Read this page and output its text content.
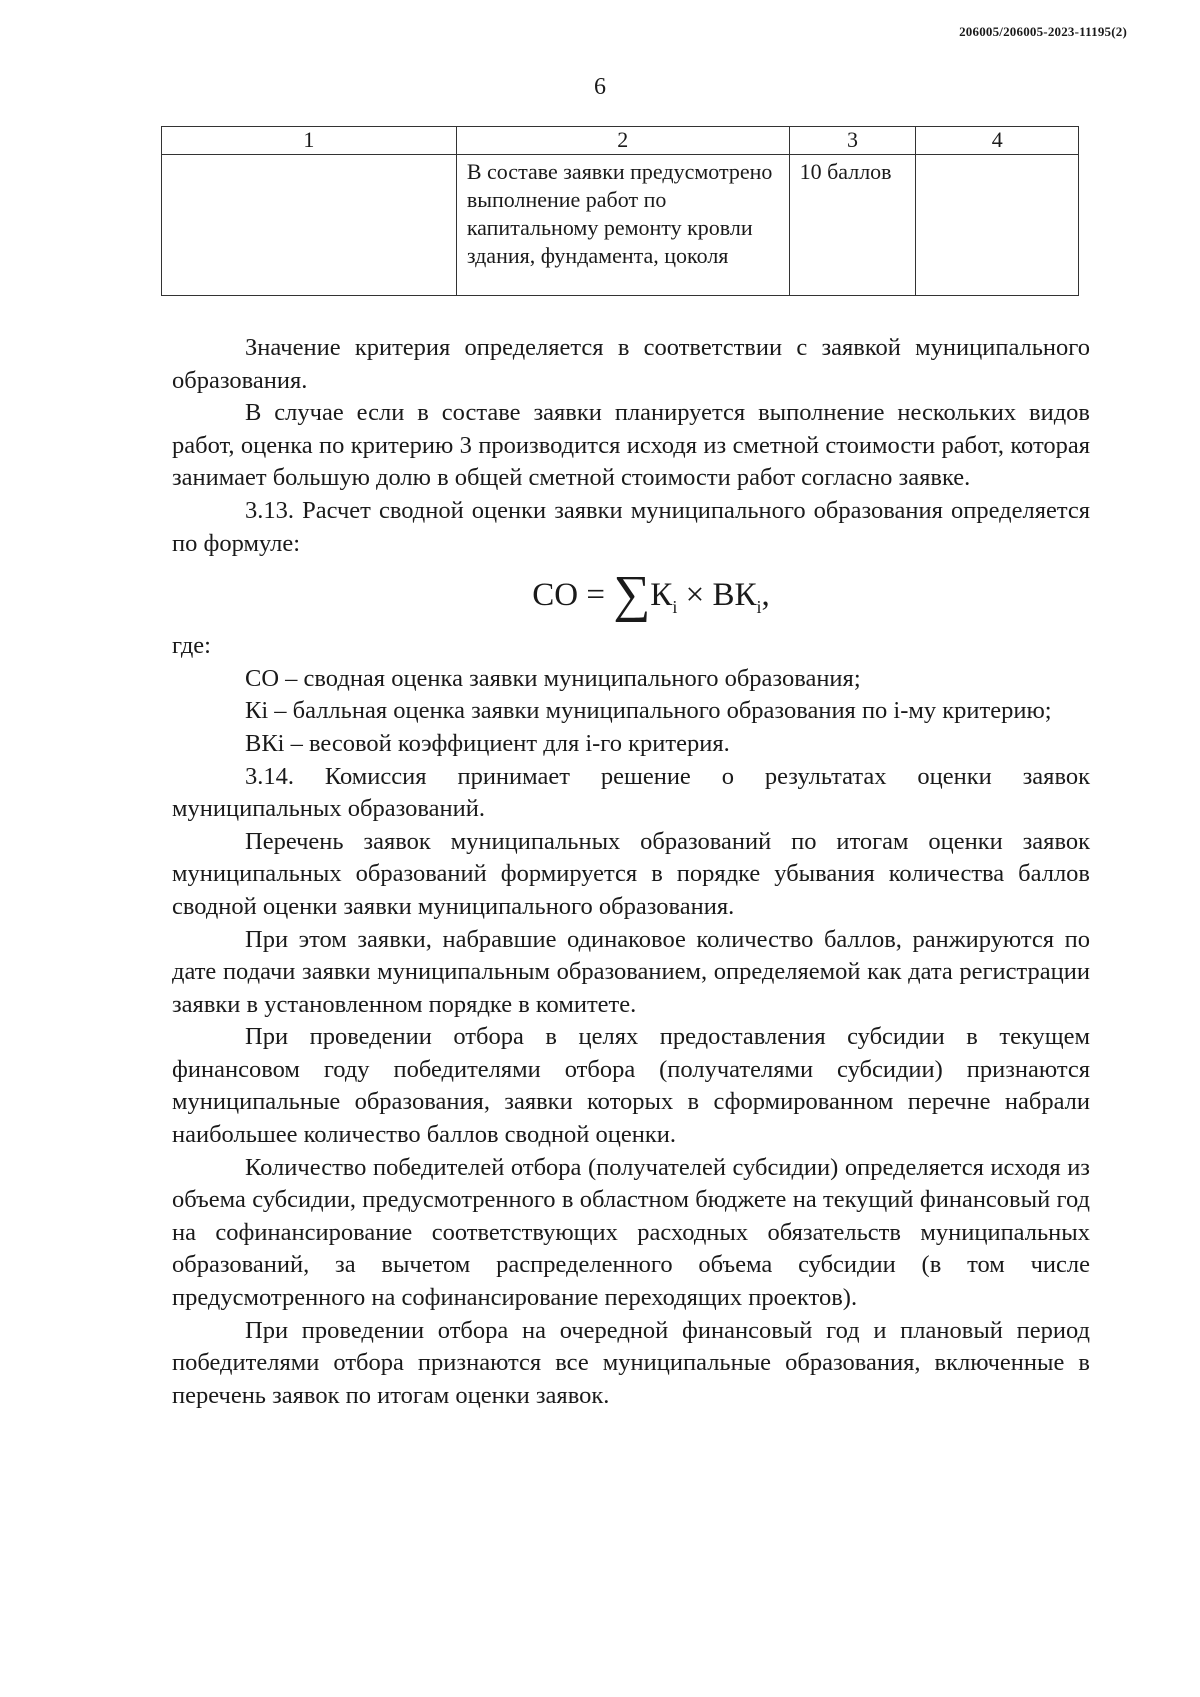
206005/206005-2023-11195(2)
6
1	2	3	4
	В составе заявки предусмотрено выполнение работ по капитальному ремонту кровли здания, фундамента, цоколя	10 баллов	

Значение критерия определяется в соответствии с заявкой муниципального образования.

В случае если в составе заявки планируется выполнение нескольких видов работ, оценка по критерию 3 производится исходя из сметной стоимости работ, которая занимает большую долю в общей сметной стоимости работ согласно заявке.

3.13. Расчет сводной оценки заявки муниципального образования определяется по формуле:

СО = $\sum К_i \times ВК_i$,

где:

СО – сводная оценка заявки муниципального образования;

Кi – балльная оценка заявки муниципального образования по i-му критерию;

ВКi – весовой коэффициент для i-го критерия.

3.14. Комиссия принимает решение о результатах оценки заявок муниципальных образований.

Перечень заявок муниципальных образований по итогам оценки заявок муниципальных образований формируется в порядке убывания количества баллов сводной оценки заявки муниципального образования.

При этом заявки, набравшие одинаковое количество баллов, ранжируются по дате подачи заявки муниципальным образованием, определяемой как дата регистрации заявки в установленном порядке в комитете.

При проведении отбора в целях предоставления субсидии в текущем финансовом году победителями отбора (получателями субсидии) признаются муниципальные образования, заявки которых в сформированном перечне набрали наибольшее количество баллов сводной оценки.

Количество победителей отбора (получателей субсидии) определяется исходя из объема субсидии, предусмотренного в областном бюджете на текущий финансовый год на софинансирование соответствующих расходных обязательств муниципальных образований, за вычетом распределенного объема субсидии (в том числе предусмотренного на софинансирование переходящих проектов).

При проведении отбора на очередной финансовый год и плановый период победителями отбора признаются все муниципальные образования, включенные в перечень заявок по итогам оценки заявок.
